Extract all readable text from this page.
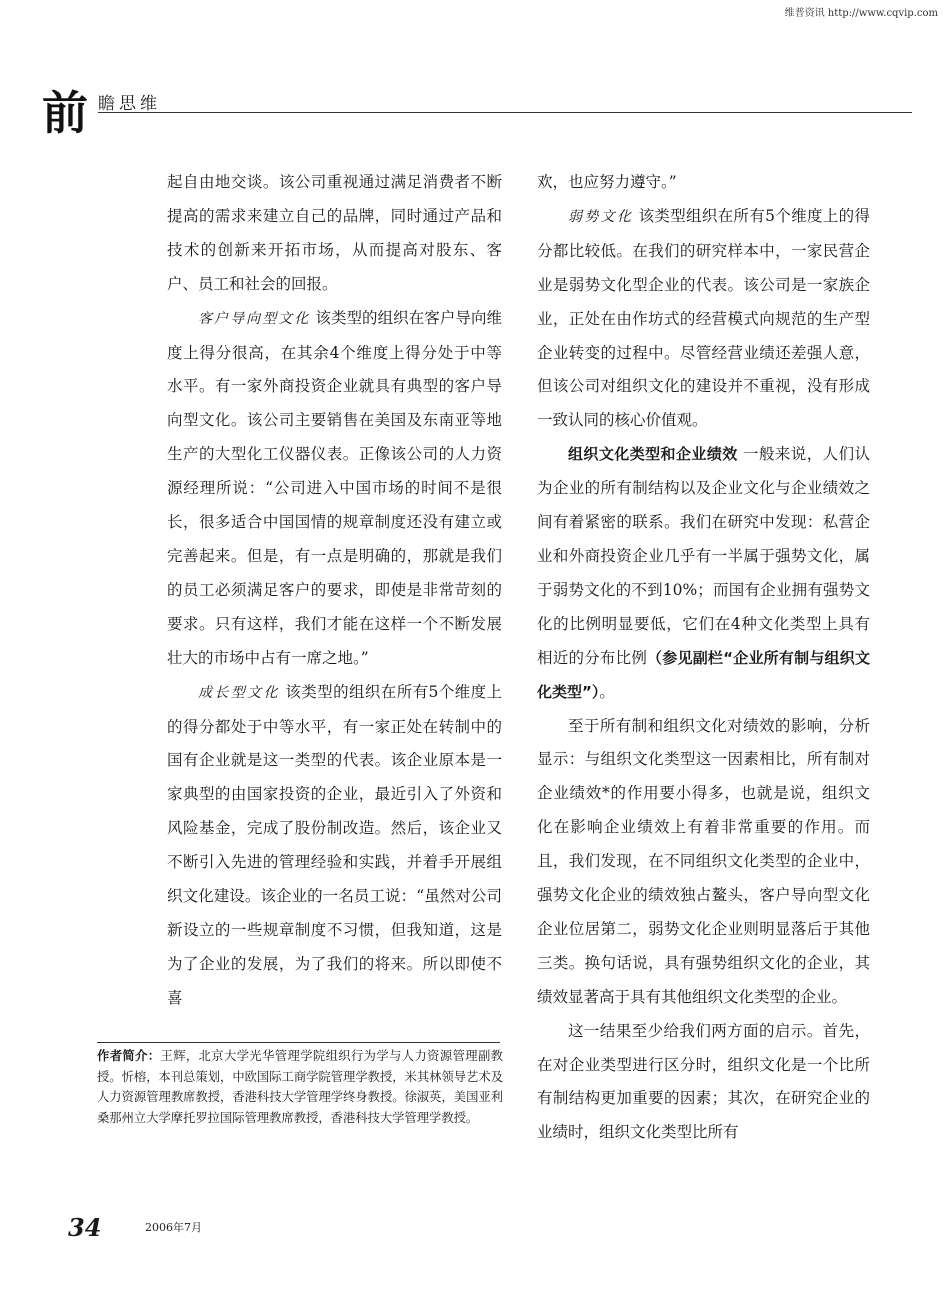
维普资讯 http://www.cqvip.com
前 瞻思维

起自由地交谈。该公司重视通过满足消费者不断提高的需求来建立自己的品牌，同时通过产品和技术的创新来开拓市场，从而提高对股东、客户、员工和社会的回报。

客户导向型文化 该类型的组织在客户导向维度上得分很高，在其余4个维度上得分处于中等水平。有一家外商投资企业就具有典型的客户导向型文化。该公司主要销售在美国及东南亚等地生产的大型化工仪器仪表。正像该公司的人力资源经理所说：“公司进入中国市场的时间不是很长，很多适合中国国情的规章制度还没有建立或完善起来。但是，有一点是明确的，那就是我们的员工必须满足客户的要求，即使是非常苛刻的要求。只有这样，我们才能在这样一个不断发展壮大的市场中占有一席之地。”

成长型文化 该类型的组织在所有5个维度上的得分都处于中等水平，有一家正处在转制中的国有企业就是这一类型的代表。该企业原本是一家典型的由国家投资的企业，最近引入了外资和风险基金，完成了股份制改造。然后，该企业又不断引入先进的管理经验和实践，并着手开展组织文化建设。该企业的一名员工说：“虽然对公司新设立的一些规章制度不习惯，但我知道，这是为了企业的发展，为了我们的将来。所以即使不喜

欢，也应努力遵守。”

弱势文化 该类型组织在所有5个维度上的得分都比较低。在我们的研究样本中，一家民营企业是弱势文化型企业的代表。该公司是一家族企业，正处在由作坊式的经营模式向规范的生产型企业转变的过程中。尽管经营业绩还差强人意，但该公司对组织文化的建设并不重视，没有形成一致认同的核心价值观。

组织文化类型和企业绩效 一般来说，人们认为企业的所有制结构以及企业文化与企业绩效之间有着紧密的联系。我们在研究中发现：私营企业和外商投资企业几乎有一半属于强势文化，属于弱势文化的不到10%；而国有企业拥有强势文化的比例明显要低，它们在4种文化类型上具有相近的分布比例（参见副栏“企业所有制与组织文化类型”）。

至于所有制和组织文化对绩效的影响，分析显示：与组织文化类型这一因素相比，所有制对企业绩效*的作用要小得多，也就是说，组织文化在影响企业绩效上有着非常重要的作用。而且，我们发现，在不同组织文化类型的企业中，强势文化企业的绩效独占鳌头，客户导向型文化企业位居第二，弱势文化企业则明显落后于其他三类。换句话说，具有强势组织文化的企业，其绩效显著高于具有其他组织文化类型的企业。

这一结果至少给我们两方面的启示。首先，在对企业类型进行区分时，组织文化是一个比所有制结构更加重要的因素；其次，在研究企业的业绩时，组织文化类型比所有

作者简介：王辉，北京大学光华管理学院组织行为学与人力资源管理副教授。忻榕，本刊总策划，中欧国际工商学院管理学教授，米其林领导艺术及人力资源管理教席教授，香港科技大学管理学终身教授。徐淑英，美国亚利桑那州立大学摩托罗拉国际管理教席教授，香港科技大学管理学教授。
34	2006年7月
